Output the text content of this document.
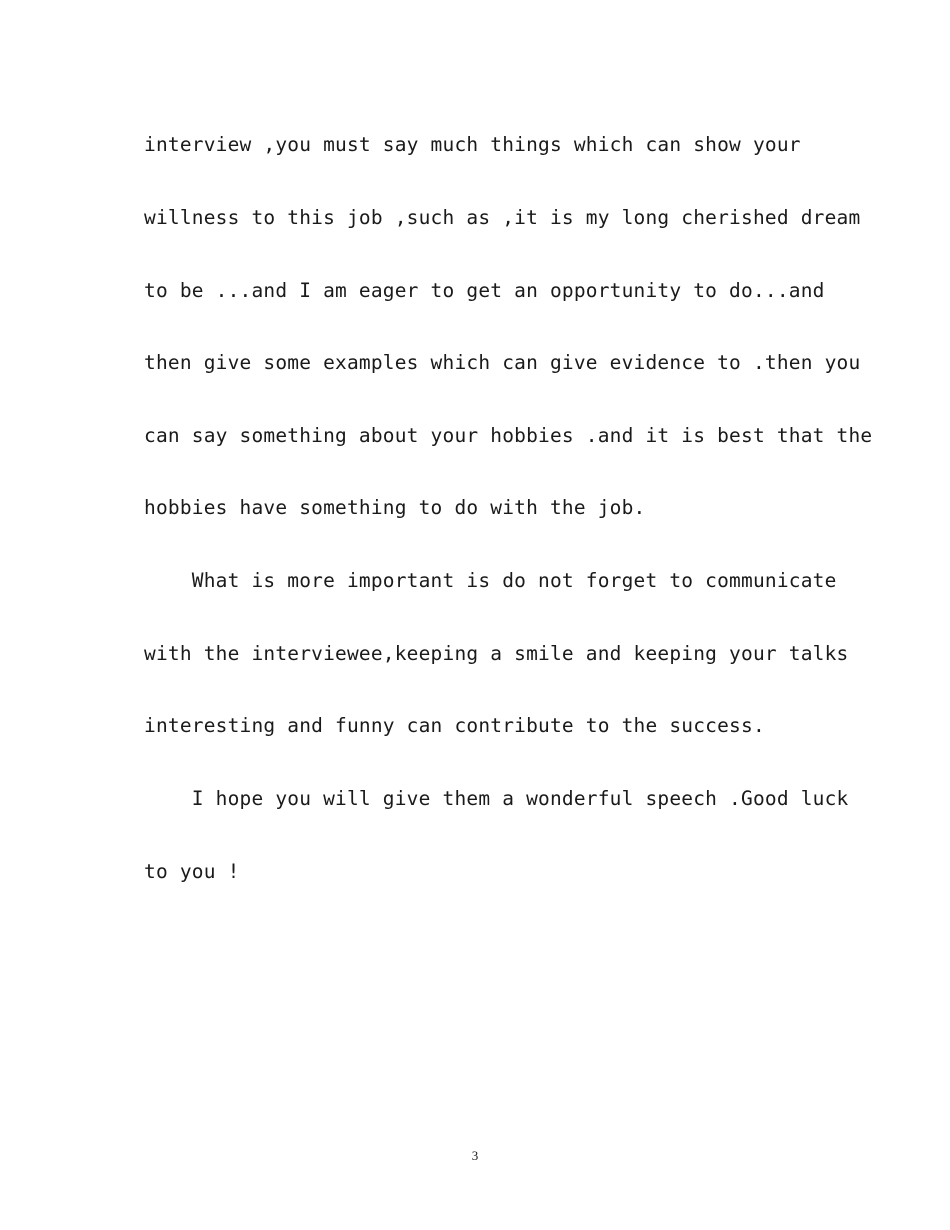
interview ,you must say much things which can show your

willness to this job ,such as ,it is my long cherished dream

to be ...and I am eager to get an opportunity to do...and

then give some examples which can give evidence to .then you

can say something about your hobbies .and it is best that the

hobbies have something to do with the job.

What is more important is do not forget to communicate

with the interviewee,keeping a smile and keeping your talks

interesting and funny can contribute to the success.

I hope you will give them a wonderful speech .Good luck

to you !

3
